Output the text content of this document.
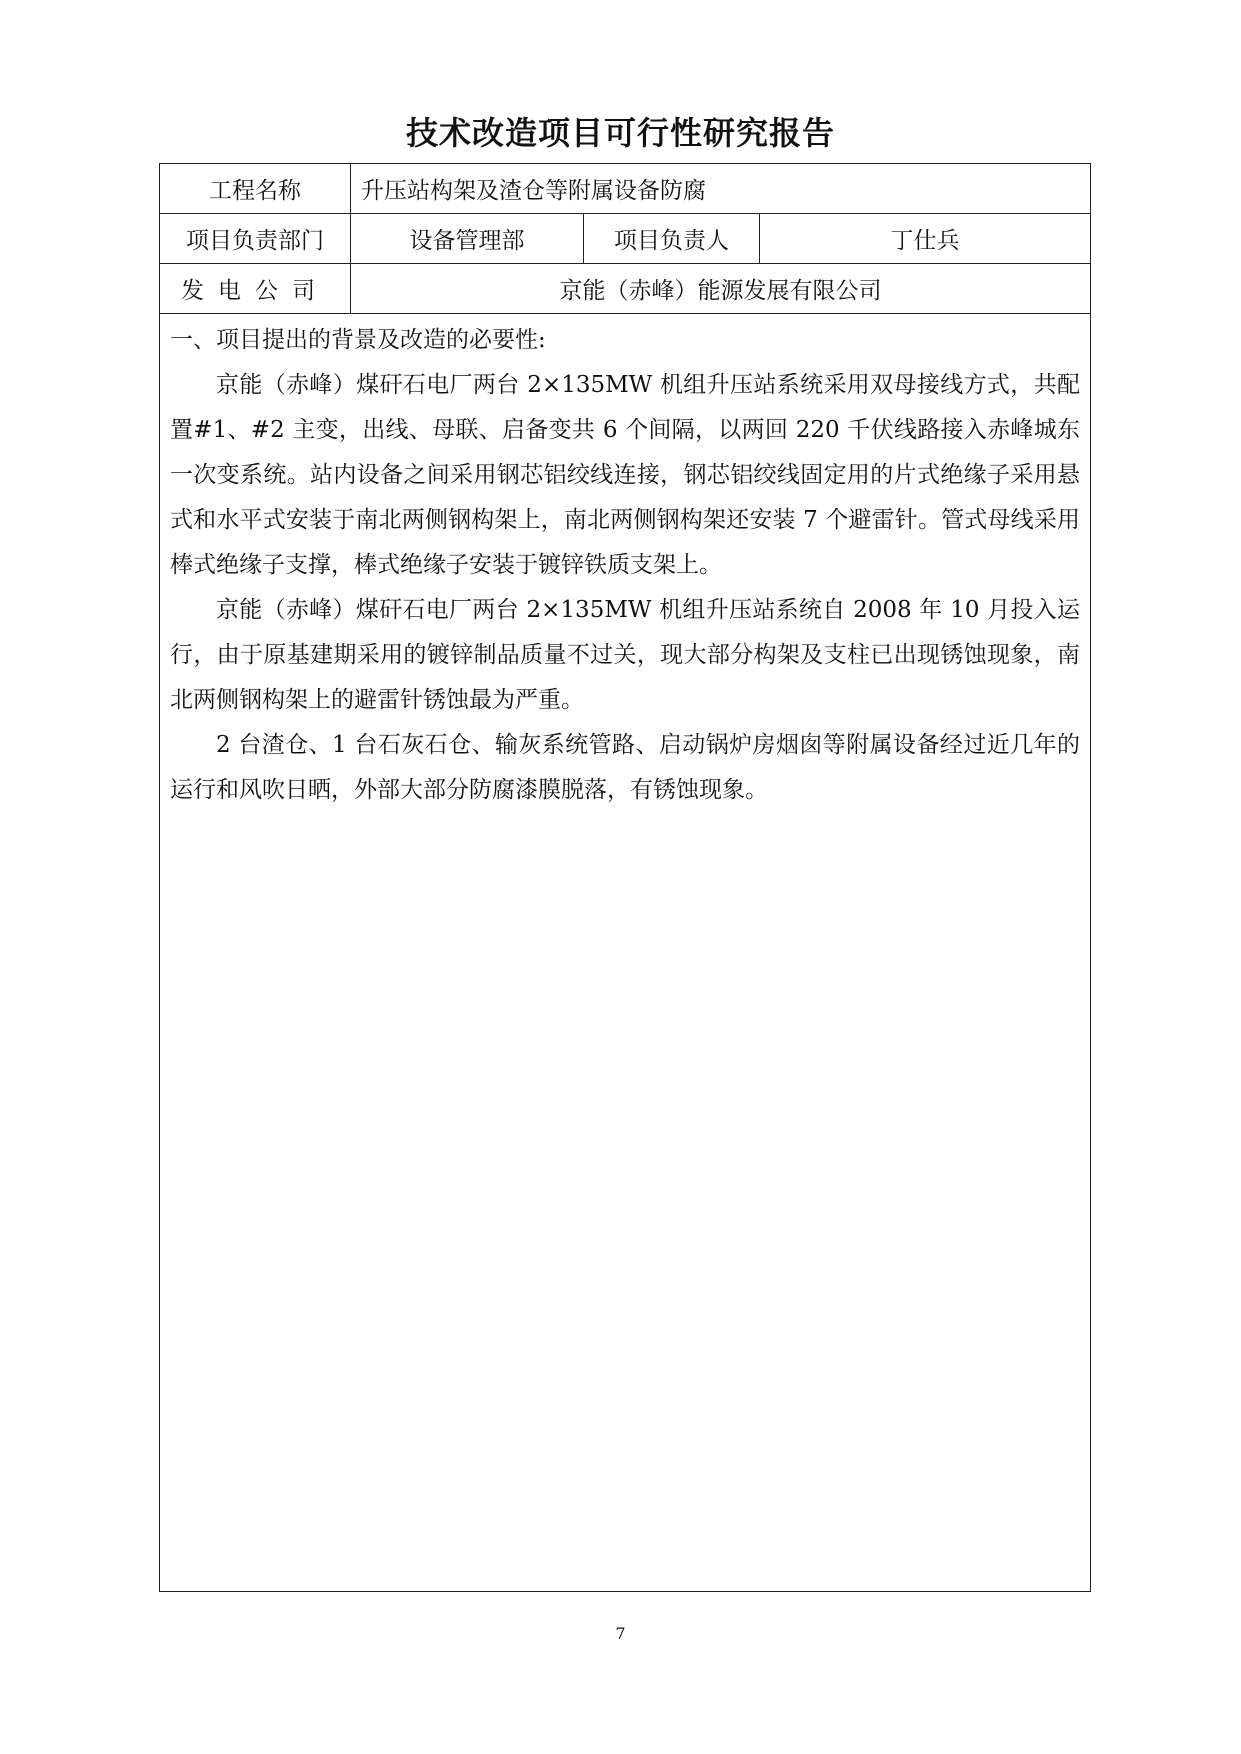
技术改造项目可行性研究报告
工程名称	升压站构架及渣仓等附属设备防腐
项目负责部门	设备管理部	项目负责人	丁仕兵
发电公司	京能（赤峰）能源发展有限公司
一、项目提出的背景及改造的必要性:

京能（赤峰）煤矸石电厂两台 2×135MW 机组升压站系统采用双母接线方式，共配置#1、#2 主变，出线、母联、启备变共 6 个间隔，以两回 220 千伏线路接入赤峰城东一次变系统。站内设备之间采用钢芯铝绞线连接，钢芯铝绞线固定用的片式绝缘子采用悬式和水平式安装于南北两侧钢构架上，南北两侧钢构架还安装 7 个避雷针。管式母线采用棒式绝缘子支撑，棒式绝缘子安装于镀锌铁质支架上。

京能（赤峰）煤矸石电厂两台 2×135MW 机组升压站系统自 2008 年 10 月投入运行，由于原基建期采用的镀锌制品质量不过关，现大部分构架及支柱已出现锈蚀现象，南北两侧钢构架上的避雷针锈蚀最为严重。

2 台渣仓、1 台石灰石仓、输灰系统管路、启动锅炉房烟囱等附属设备经过近几年的运行和风吹日晒，外部大部分防腐漆膜脱落，有锈蚀现象。

7
